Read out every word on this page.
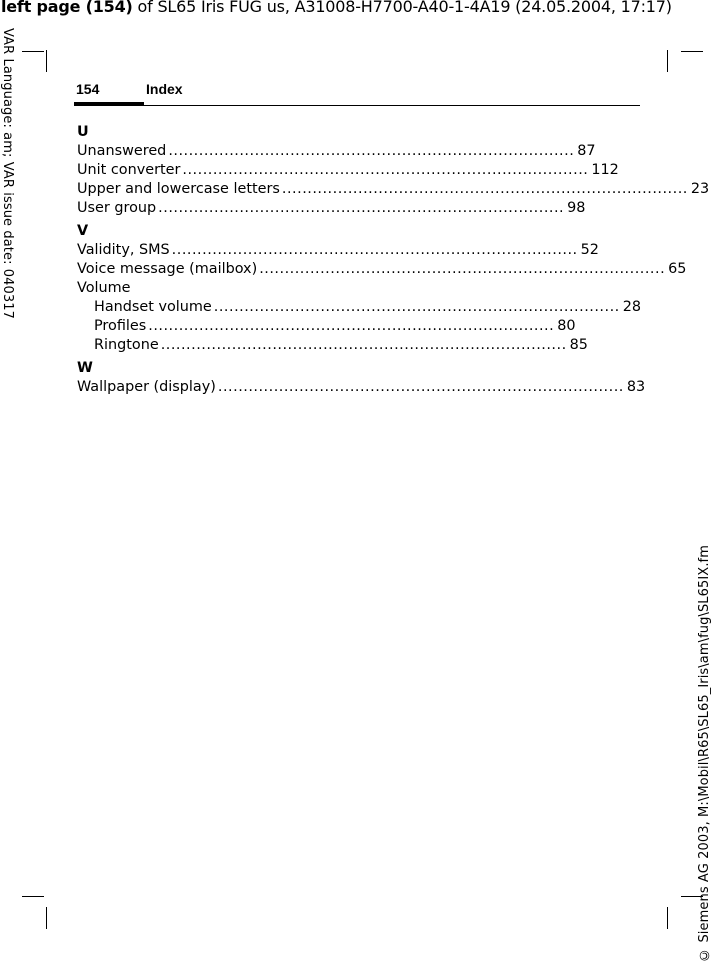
left page (154) of SL65 Iris FUG us, A31008-H7700-A40-1-4A19 (24.05.2004, 17:17)
VAR Language: am; VAR issue date: 040317
© Siemens AG 2003, M:\Mobil\R65\SL65_Iris\am\fug\SL65IX.fm
154	Index
U
Unanswered ................................................................................ 87
Unit converter ................................................................................ 112
Upper and lowercase letters ................................................................................ 23
User group ................................................................................ 98
V
Validity, SMS ................................................................................ 52
Voice message (mailbox) ................................................................................ 65
Volume
Handset volume ................................................................................ 28
Profiles ................................................................................ 80
Ringtone ................................................................................ 85
W
Wallpaper (display) ................................................................................ 83
